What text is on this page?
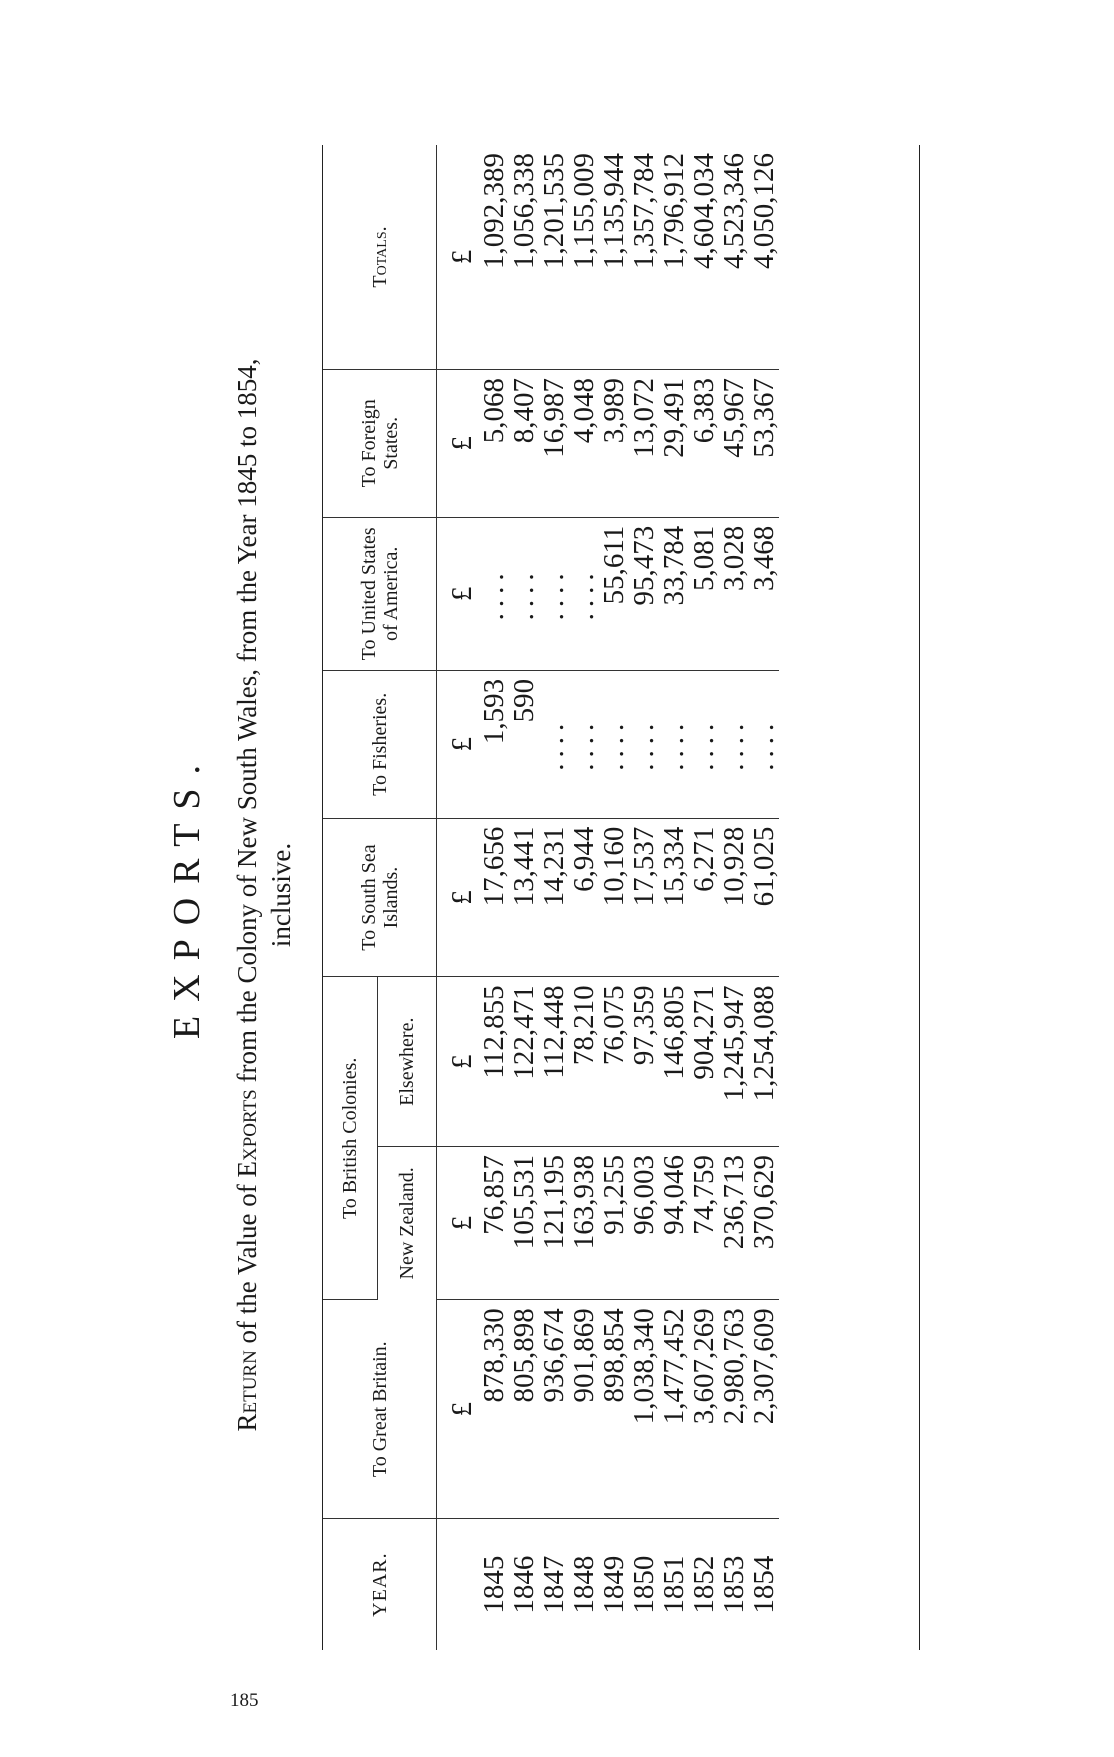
185
EXPORTS.
Return of the Value of Exports from the Colony of New South Wales, from the Year 1845 to 1854, inclusive.
YEAR.	To Great Britain.	To British Colonies.		To South Sea Islands.	To Fisheries.	To United States of America.	To Foreign States.	Totals.
		New Zealand.	Elsewhere.					
	£	£	£	£	£	£	£	£
1845	878,330	76,857	112,855	17,656	1,593	....	5,068	1,092,389
1846	805,898	105,531	122,471	13,441	590	....	8,407	1,056,338
1847	936,674	121,195	112,448	14,231	....	....	16,987	1,201,535
1848	901,869	163,938	78,210	6,944	....	....	4,048	1,155,009
1849	898,854	91,255	76,075	10,160	....	55,611	3,989	1,135,944
1850	1,038,340	96,003	97,359	17,537	....	95,473	13,072	1,357,784
1851	1,477,452	94,046	146,805	15,334	....	33,784	29,491	1,796,912
1852	3,607,269	74,759	904,271	6,271	....	5,081	6,383	4,604,034
1853	2,980,763	236,713	1,245,947	10,928	....	3,028	45,967	4,523,346
1854	2,307,609	370,629	1,254,088	61,025	....	3,468	53,367	4,050,126
